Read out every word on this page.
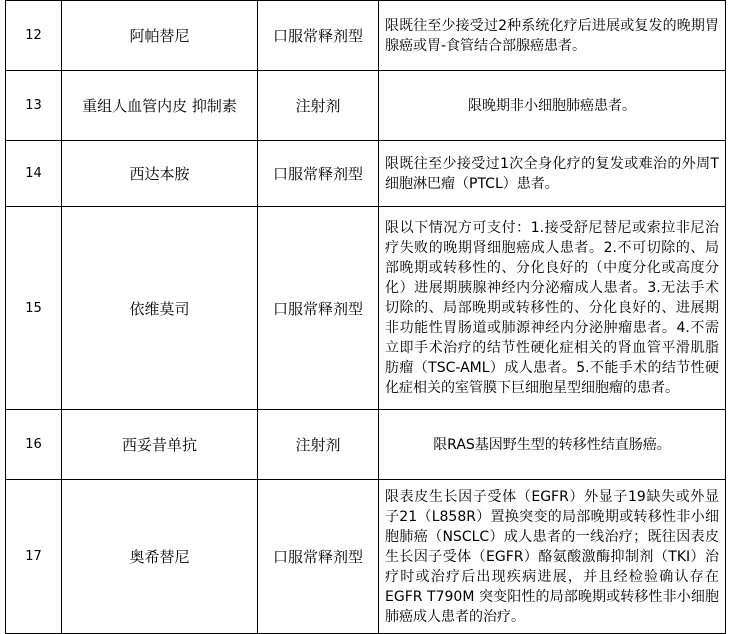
12	阿帕替尼	口服常释剂型	限既往至少接受过2种系统化疗后进展或复发的晚期胃腺癌或胃-食管结合部腺癌患者。
13	重组人血管内皮 抑制素	注射剂	限晚期非小细胞肺癌患者。
14	西达本胺	口服常释剂型	限既往至少接受过1次全身化疗的复发或难治的外周T细胞淋巴瘤（PTCL）患者。
15	依维莫司	口服常释剂型	限以下情况方可支付：1.接受舒尼替尼或索拉非尼治疗失败的晚期肾细胞癌成人患者。2.不可切除的、局部晚期或转移性的、分化良好的（中度分化或高度分化）进展期胰腺神经内分泌瘤成人患者。3.无法手术切除的、局部晚期或转移性的、分化良好的、进展期非功能性胃肠道或肺源神经内分泌肿瘤患者。4.不需立即手术治疗的结节性硬化症相关的肾血管平滑肌脂肪瘤（TSC-AML）成人患者。5.不能手术的结节性硬化症相关的室管膜下巨细胞星型细胞瘤的患者。
16	西妥昔单抗	注射剂	限RAS基因野生型的转移性结直肠癌。
17	奥希替尼	口服常释剂型	限表皮生长因子受体（EGFR）外显子19缺失或外显子21（L858R）置换突变的局部晚期或转移性非小细胞肺癌（NSCLC）成人患者的一线治疗；既往因表皮生长因子受体（EGFR）酪氨酸激酶抑制剂（TKI）治疗时或治疗后出现疾病进展，并且经检验确认存在EGFR T790M 突变阳性的局部晚期或转移性非小细胞肺癌成人患者的治疗。
